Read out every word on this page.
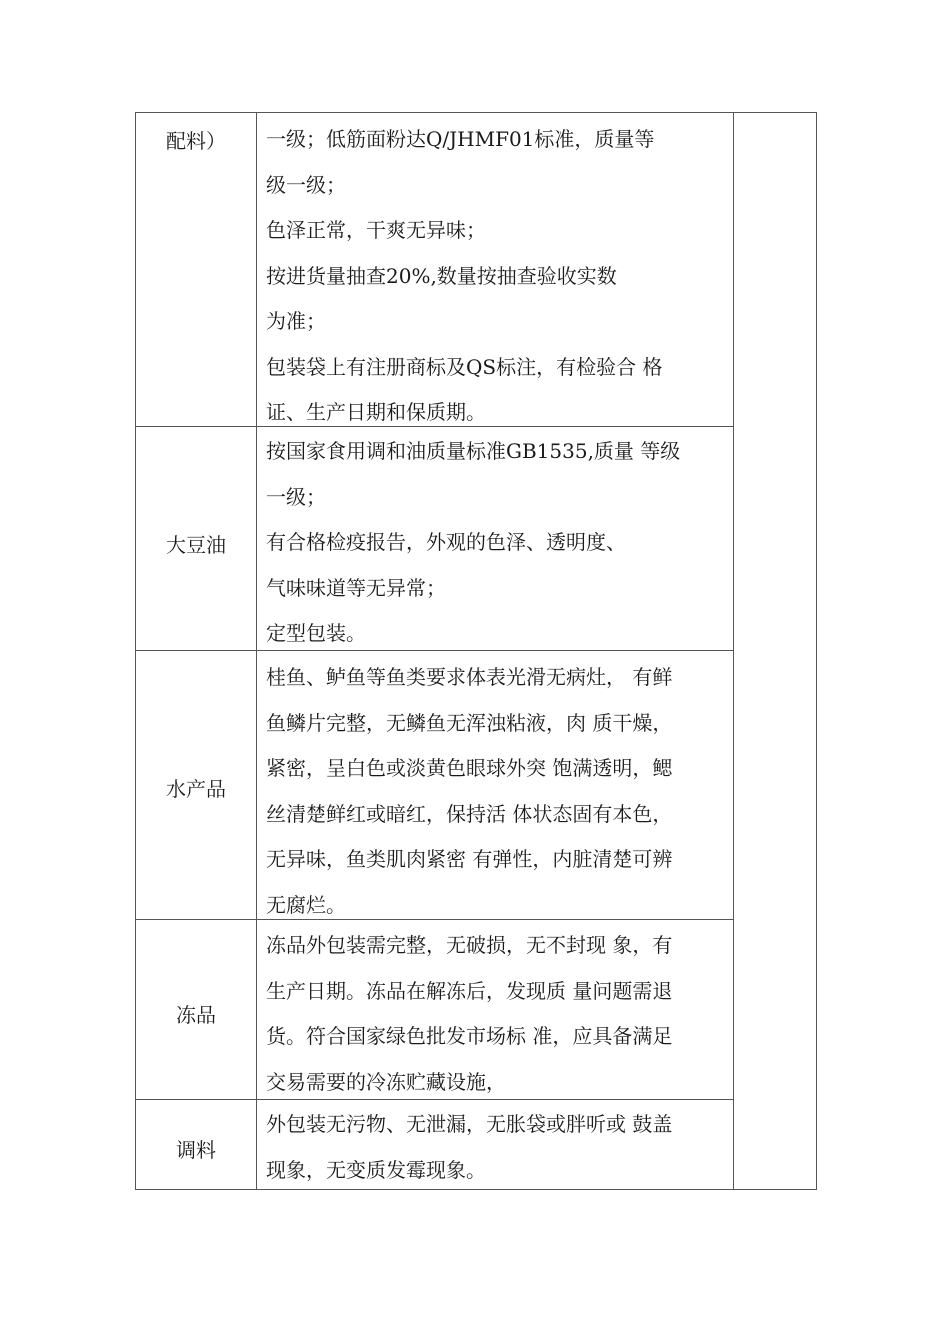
配料）	一级；低筋面粉达Q/JHMF01标准，质量等
级一级；
色泽正常，干爽无异味；
按进货量抽查20%,数量按抽查验收实数
为准；
包装袋上有注册商标及QS标注，有检验合 格
证、生产日期和保质期。
大豆油
按国家食用调和油质量标准GB1535,质量 等级
一级；
有合格检疫报告，外观的色泽、透明度、
气味味道等无异常；
定型包装。
水产品
桂鱼、鲈鱼等鱼类要求体表光滑无病灶， 有鲜
鱼鳞片完整，无鳞鱼无浑浊粘液，肉 质干燥，
紧密，呈白色或淡黄色眼球外突 饱满透明，鳃
丝清楚鲜红或暗红，保持活 体状态固有本色，
无异味，鱼类肌肉紧密 有弹性，内脏清楚可辨
无腐烂。
冻品
冻品外包装需完整，无破损，无不封现 象，有
生产日期。冻品在解冻后，发现质 量问题需退
货。符合国家绿色批发市场标 准，应具备满足
交易需要的冷冻贮藏设施，
调料
外包装无污物、无泄漏，无胀袋或胖听或 鼓盖
现象，无变质发霉现象。
